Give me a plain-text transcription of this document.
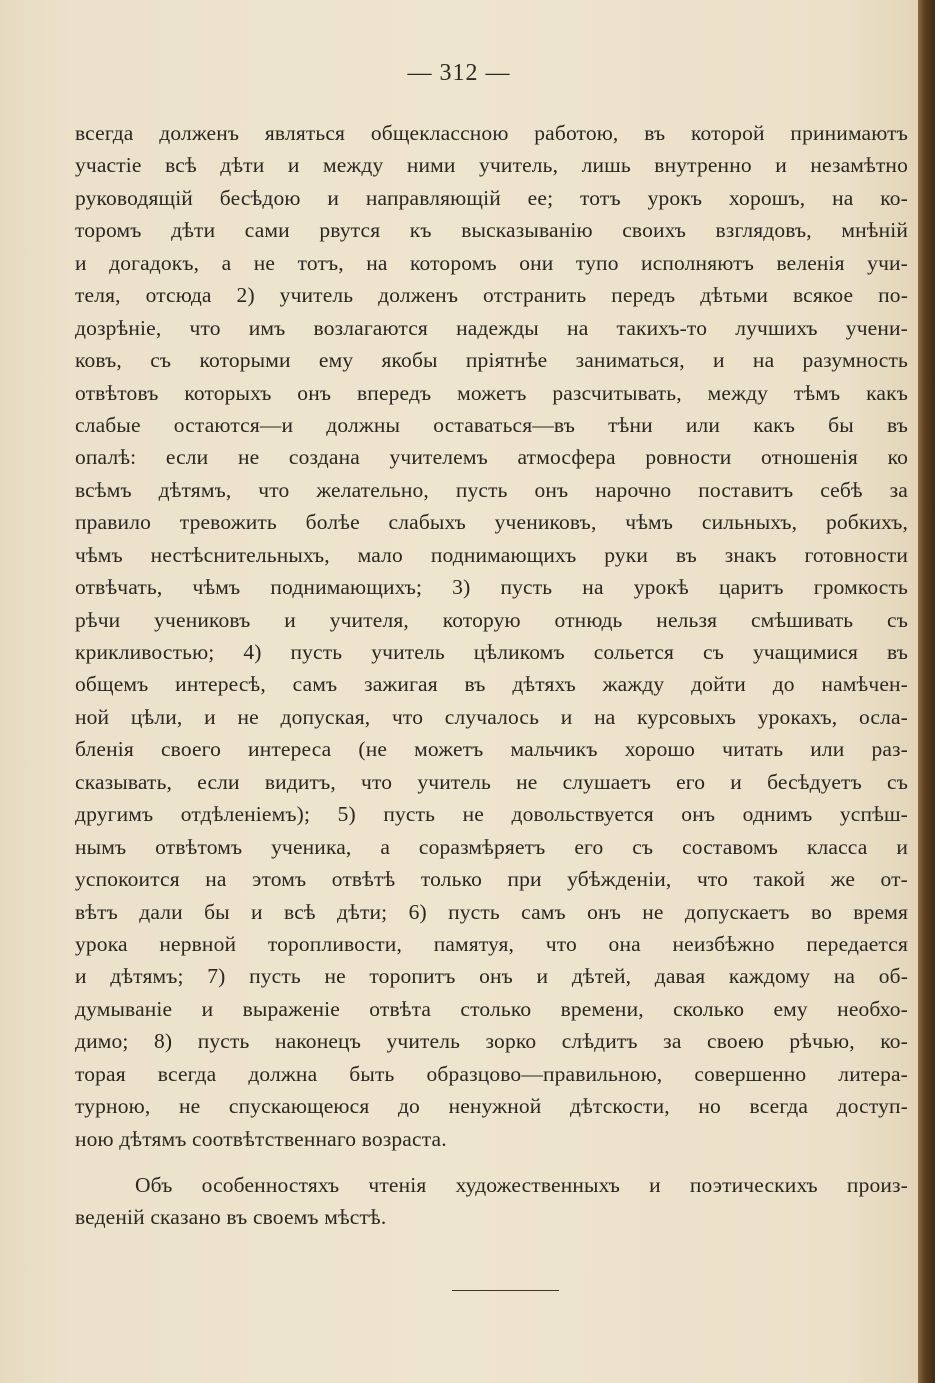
— 312 —
всегда долженъ являться общеклассною работою, въ которой принимаютъ
участіе всѣ дѣти и между ними учитель, лишь внутренно и незамѣтно
руководящій бесѣдою и направляющій ее; тотъ урокъ хорошъ, на ко-
торомъ дѣти сами рвутся къ высказыванію своихъ взглядовъ, мнѣній
и догадокъ, а не тотъ, на которомъ они тупо исполняютъ веленія учи-
теля, отсюда 2) учитель долженъ отстранить передъ дѣтьми всякое по-
дозрѣніе, что имъ возлагаются надежды на такихъ-то лучшихъ учени-
ковъ, съ которыми ему якобы пріятнѣе заниматься, и на разумность
отвѣтовъ которыхъ онъ впередъ можетъ разсчитывать, между тѣмъ какъ
слабые остаются—и должны оставаться—въ тѣни или какъ бы въ
опалѣ: если не создана учителемъ атмосфера ровности отношенія ко
всѣмъ дѣтямъ, что желательно, пусть онъ нарочно поставитъ себѣ за
правило тревожить болѣе слабыхъ учениковъ, чѣмъ сильныхъ, робкихъ,
чѣмъ нестѣснительныхъ, мало поднимающихъ руки въ знакъ готовности
отвѣчать, чѣмъ поднимающихъ; 3) пусть на урокѣ царитъ громкость
рѣчи учениковъ и учителя, которую отнюдь нельзя смѣшивать съ
крикливостью; 4) пусть учитель цѣликомъ сольется съ учащимися въ
общемъ интересѣ, самъ зажигая въ дѣтяхъ жажду дойти до намѣчен-
ной цѣли, и не допуская, что случалось и на курсовыхъ урокахъ, осла-
бленія своего интереса (не можетъ мальчикъ хорошо читать или раз-
сказывать, если видитъ, что учитель не слушаетъ его и бесѣдуетъ съ
другимъ отдѣленіемъ); 5) пусть не довольствуется онъ однимъ успѣш-
нымъ отвѣтомъ ученика, а соразмѣряетъ его съ составомъ класса и
успокоится на этомъ отвѣтѣ только при убѣжденіи, что такой же от-
вѣтъ дали бы и всѣ дѣти; 6) пусть самъ онъ не допускаетъ во время
урока нервной торопливости, памятуя, что она неизбѣжно передается
и дѣтямъ; 7) пусть не торопитъ онъ и дѣтей, давая каждому на об-
думываніе и выраженіе отвѣта столько времени, сколько ему необхо-
димо; 8) пусть наконецъ учитель зорко слѣдитъ за своею рѣчью, ко-
торая всегда должна быть образцово—правильною, совершенно литера-
турною, не спускающеюся до ненужной дѣтскости, но всегда доступ-
ною дѣтямъ соотвѣтственнаго возраста.
Объ особенностяхъ чтенія художественныхъ и поэтическихъ произ-
веденій сказано въ своемъ мѣстѣ.
